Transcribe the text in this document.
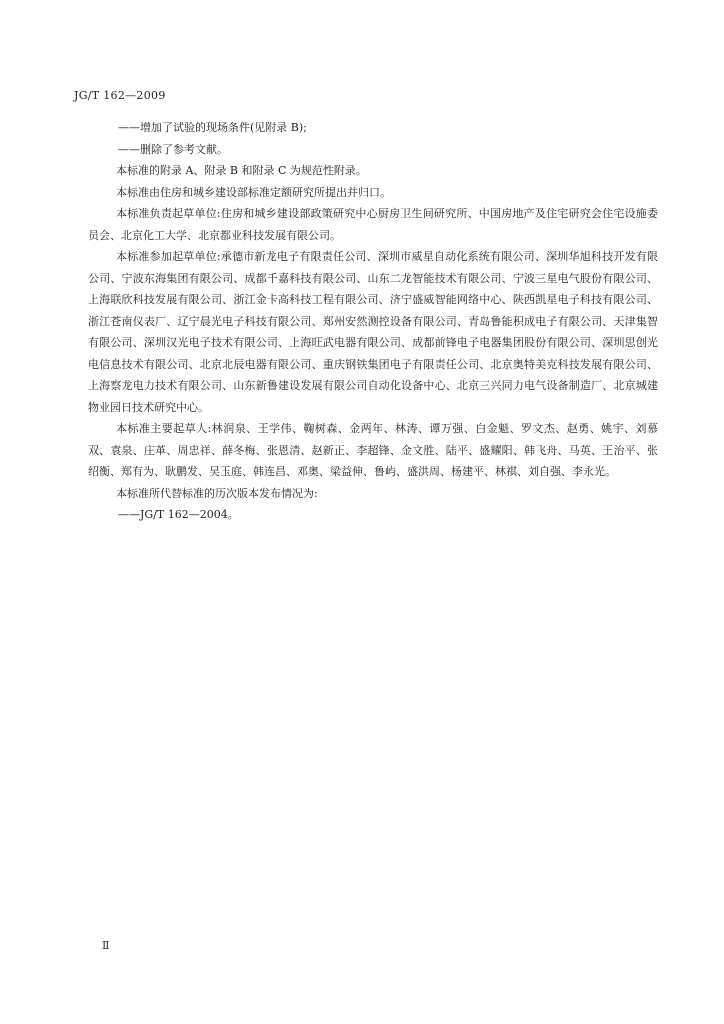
JG/T 162—2009

——增加了试验的现场条件(见附录 B);

——删除了参考文献。

本标准的附录 A、附录 B 和附录 C 为规范性附录。

本标准由住房和城乡建设部标准定额研究所提出并归口。

本标准负责起草单位:住房和城乡建设部政策研究中心厨房卫生间研究所、中国房地产及住宅研究会住宅设施委员会、北京化工大学、北京都业科技发展有限公司。

本标准参加起草单位:承德市新龙电子有限责任公司、深圳市威星自动化系统有限公司、深圳华旭科技开发有限公司、宁波东海集团有限公司、成都千嘉科技有限公司、山东二龙智能技术有限公司、宁波三星电气股份有限公司、上海联欣科技发展有限公司、浙江金卡高科技工程有限公司、济宁盛威智能网络中心、陕西凯星电子科技有限公司、浙江苍南仪表厂、辽宁晨光电子科技有限公司、郑州安然测控设备有限公司、青岛鲁能积成电子有限公司、天津集智有限公司、深圳汉光电子技术有限公司、上海旺武电器有限公司、成都前锋电子电器集团股份有限公司、深圳思创光电信息技术有限公司、北京北辰电器有限公司、重庆钢铁集团电子有限责任公司、北京奥特美克科技发展有限公司、上海察龙电力技术有限公司、山东新鲁建设发展有限公司自动化设备中心、北京三兴同力电气设备制造厂、北京城建物业园日技术研究中心。

本标准主要起草人:林润泉、王学伟、鞠树森、金两年、林涛、谭万强、白金魁、罗文杰、赵勇、姚宇、刘慕双、袁泉、庄革、周忠祥、薛冬梅、张恩清、赵新正、李超锋、金文胜、陆平、盛耀阳、韩飞舟、马英、王治平、张绍衡、郑有为、耿鹏发、吴玉庭、韩连昌、邓奥、梁益伸、鲁屿、盛洪周、杨建平、林祺、刘自强、李永光。

本标准所代替标准的历次版本发布情况为:

——JG/T 162—2004。

Ⅱ
